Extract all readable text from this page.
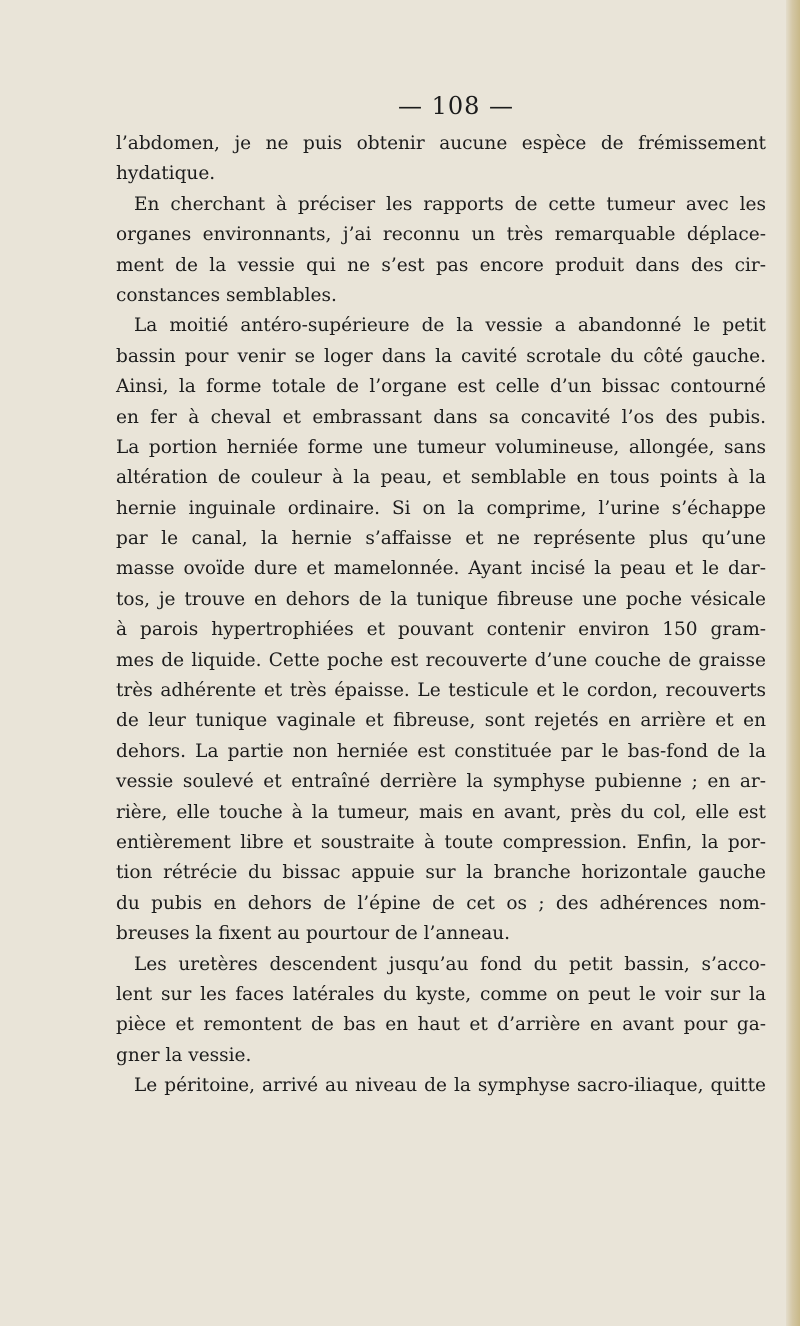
— 108 —
l’abdomen, je ne puis obtenir aucune espèce de frémissement
hydatique.
En cherchant à préciser les rapports de cette tumeur avec les
organes environnants, j’ai reconnu un très remarquable déplace-
ment de la vessie qui ne s’est pas encore produit dans des cir-
constances semblables.
La moitié antéro-supérieure de la vessie a abandonné le petit
bassin pour venir se loger dans la cavité scrotale du côté gauche.
Ainsi, la forme totale de l’organe est celle d’un bissac contourné
en fer à cheval et embrassant dans sa concavité l’os des pubis.
La portion herniée forme une tumeur volumineuse, allongée, sans
altération de couleur à la peau, et semblable en tous points à la
hernie inguinale ordinaire. Si on la comprime, l’urine s’échappe
par le canal, la hernie s’affaisse et ne représente plus qu’une
masse ovoïde dure et mamelonnée. Ayant incisé la peau et le dar-
tos, je trouve en dehors de la tunique fibreuse une poche vésicale
à parois hypertrophiées et pouvant contenir environ 150 gram-
mes de liquide. Cette poche est recouverte d’une couche de graisse
très adhérente et très épaisse. Le testicule et le cordon, recouverts
de leur tunique vaginale et fibreuse, sont rejetés en arrière et en
dehors. La partie non herniée est constituée par le bas-fond de la
vessie soulevé et entraîné derrière la symphyse pubienne ; en ar-
rière, elle touche à la tumeur, mais en avant, près du col, elle est
entièrement libre et soustraite à toute compression. Enfin, la por-
tion rétrécie du bissac appuie sur la branche horizontale gauche
du pubis en dehors de l’épine de cet os ; des adhérences nom-
breuses la fixent au pourtour de l’anneau.
Les uretères descendent jusqu’au fond du petit bassin, s’acco-
lent sur les faces latérales du kyste, comme on peut le voir sur la
pièce et remontent de bas en haut et d’arrière en avant pour ga-
gner la vessie.
Le péritoine, arrivé au niveau de la symphyse sacro-iliaque, quitte
